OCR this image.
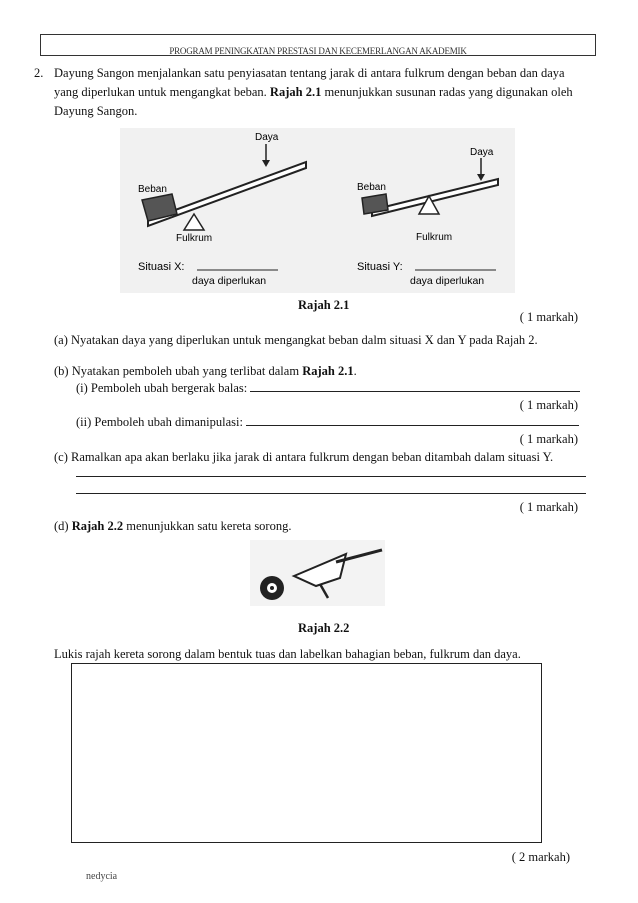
PROGRAM PENINGKATAN PRESTASI DAN KECEMERLANGAN AKADEMIK
2. Dayung Sangon menjalankan satu penyiasatan tentang jarak di antara fulkrum dengan beban dan daya
yang diperlukan untuk mengangkat beban. Rajah 2.1 menunjukkan susunan radas yang digunakan oleh
Dayung Sangon.
Daya
Beban
Fulkrum
Situasi X:
daya diperlukan
Daya
Beban
Fulkrum
Situasi Y:
daya diperlukan
Rajah 2.1
( 1 markah)
(a) Nyatakan daya yang diperlukan untuk mengangkat beban dalm situasi X dan Y pada Rajah 2.
(b) Nyatakan pemboleh ubah yang terlibat dalam Rajah 2.1.
(i) Pemboleh ubah bergerak balas:
( 1 markah)
(ii) Pemboleh ubah dimanipulasi:
( 1 markah)
(c) Ramalkan apa akan berlaku jika jarak di antara fulkrum dengan beban ditambah dalam situasi Y.
( 1 markah)
(d) Rajah 2.2 menunjukkan satu kereta sorong.
Rajah 2.2
Lukis rajah kereta sorong dalam bentuk tuas dan labelkan bahagian beban, fulkrum dan daya.
( 2 markah)
nedycia
